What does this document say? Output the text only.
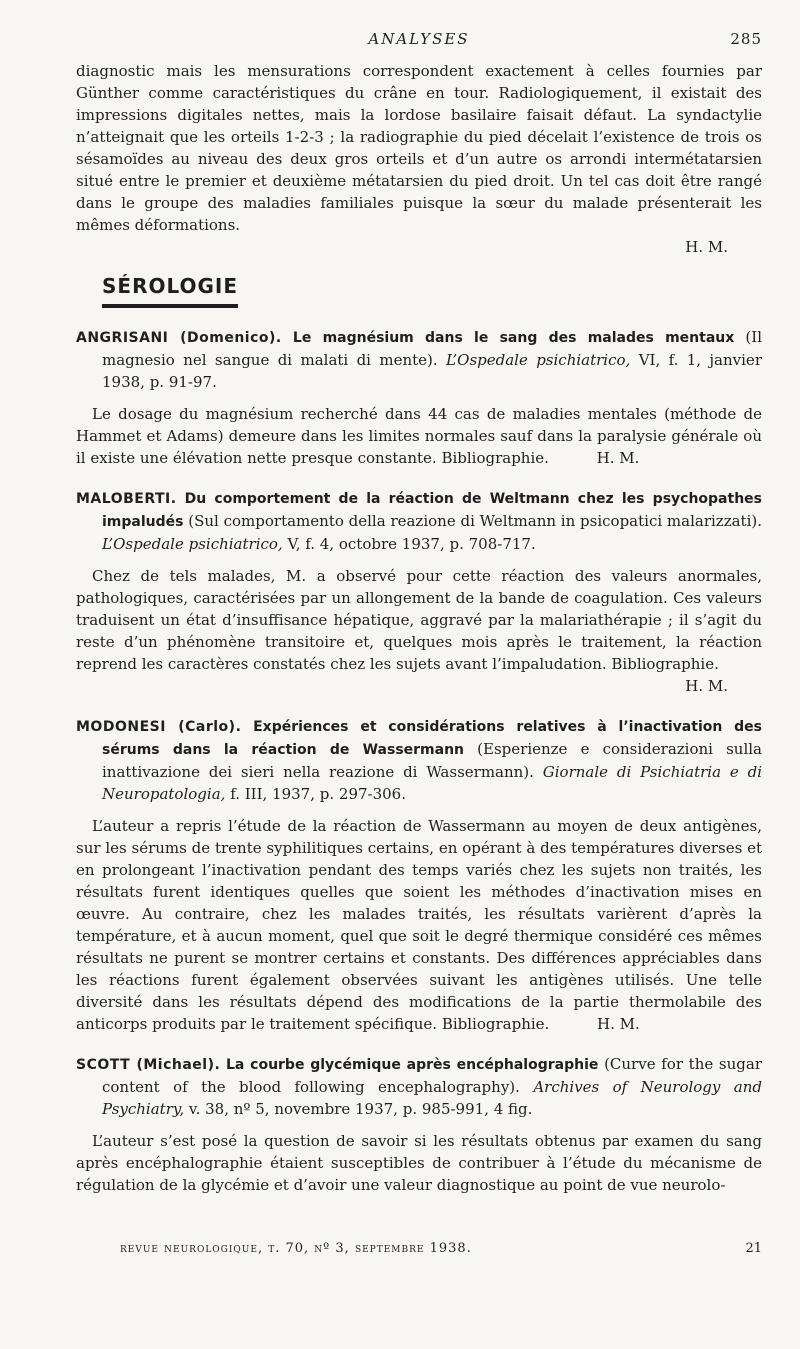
ANALYSES	285

diagnostic mais les mensurations correspondent exactement à celles fournies par Günther comme caractéristiques du crâne en tour. Radiologiquement, il existait des impressions digitales nettes, mais la lordose basilaire faisait défaut. La syndactylie n’atteignait que les orteils 1-2-3 ; la radiographie du pied décelait l’existence de trois os sésamoïdes au niveau des deux gros orteils et d’un autre os arrondi intermétatarsien situé entre le premier et deuxième métatarsien du pied droit. Un tel cas doit être rangé dans le groupe des maladies familiales puisque la sœur du malade présenterait les mêmes déformations.

H. M.
SÉROLOGIE

ANGRISANI (Domenico). Le magnésium dans le sang des malades mentaux (Il magnesio nel sangue di malati di mente). L’Ospedale psichiatrico, VI, f. 1, janvier 1938, p. 91-97.

Le dosage du magnésium recherché dans 44 cas de maladies mentales (méthode de Hammet et Adams) demeure dans les limites normales sauf dans la paralysie générale où il existe une élévation nette presque constante. Bibliographie.	H. M.

MALOBERTI. Du comportement de la réaction de Weltmann chez les psychopathes impaludés (Sul comportamento della reazione di Weltmann in psicopatici malarizzati). L’Ospedale psichiatrico, V, f. 4, octobre 1937, p. 708-717.

Chez de tels malades, M. a observé pour cette réaction des valeurs anormales, pathologiques, caractérisées par un allongement de la bande de coagulation. Ces valeurs traduisent un état d’insuffisance hépatique, aggravé par la malariathérapie ; il s’agit du reste d’un phénomène transitoire et, quelques mois après le traitement, la réaction reprend les caractères constatés chez les sujets avant l’impaludation. Bibliographie.

H. M.

MODONESI (Carlo). Expériences et considérations relatives à l’inactivation des sérums dans la réaction de Wassermann (Esperienze e considerazioni sulla inattivazione dei sieri nella reazione di Wassermann). Giornale di Psichiatria e di Neuropatologia, f. III, 1937, p. 297-306.

L’auteur a repris l’étude de la réaction de Wassermann au moyen de deux antigènes, sur les sérums de trente syphilitiques certains, en opérant à des températures diverses et en prolongeant l’inactivation pendant des temps variés chez les sujets non traités, les résultats furent identiques quelles que soient les méthodes d’inactivation mises en œuvre. Au contraire, chez les malades traités, les résultats varièrent d’après la température, et à aucun moment, quel que soit le degré thermique considéré ces mêmes résultats ne purent se montrer certains et constants. Des différences appréciables dans les réactions furent également observées suivant les antigènes utilisés. Une telle diversité dans les résultats dépend des modifications de la partie thermolabile des anticorps produits par le traitement spécifique. Bibliographie.	H. M.

SCOTT (Michael). La courbe glycémique après encéphalographie (Curve for the sugar content of the blood following encephalography). Archives of Neurology and Psychiatry, v. 38, nº 5, novembre 1937, p. 985-991, 4 fig.

L’auteur s’est posé la question de savoir si les résultats obtenus par examen du sang après encéphalographie étaient susceptibles de contribuer à l’étude du mécanisme de régulation de la glycémie et d’avoir une valeur diagnostique au point de vue neurolo-

revue neurologique, t. 70, nº 3, septembre 1938.	21
